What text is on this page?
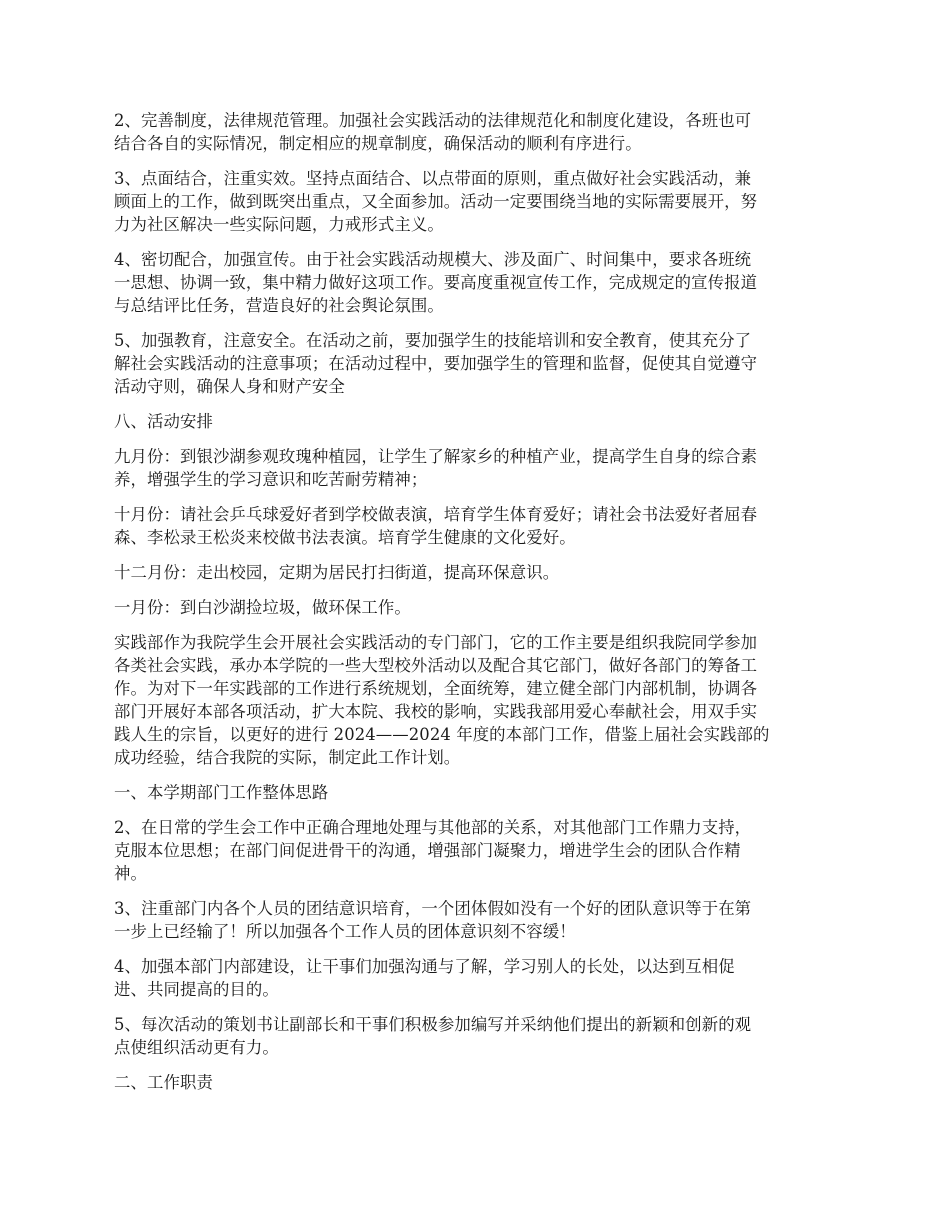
2、完善制度，法律规范管理。加强社会实践活动的法律规范化和制度化建设，各班也可
结合各自的实际情况，制定相应的规章制度，确保活动的顺利有序进行。
3、点面结合，注重实效。坚持点面结合、以点带面的原则，重点做好社会实践活动，兼
顾面上的工作，做到既突出重点，又全面参加。活动一定要围绕当地的实际需要展开，努
力为社区解决一些实际问题，力戒形式主义。
4、密切配合，加强宣传。由于社会实践活动规模大、涉及面广、时间集中，要求各班统
一思想、协调一致，集中精力做好这项工作。要高度重视宣传工作，完成规定的宣传报道
与总结评比任务，营造良好的社会舆论氛围。
5、加强教育，注意安全。在活动之前，要加强学生的技能培训和安全教育，使其充分了
解社会实践活动的注意事项；在活动过程中，要加强学生的管理和监督，促使其自觉遵守
活动守则，确保人身和财产安全
八、活动安排
九月份：到银沙湖参观玫瑰种植园，让学生了解家乡的种植产业，提高学生自身的综合素
养，增强学生的学习意识和吃苦耐劳精神；
十月份：请社会乒乓球爱好者到学校做表演，培育学生体育爱好；请社会书法爱好者屈春
森、李松录王松炎来校做书法表演。培育学生健康的文化爱好。
十二月份：走出校园，定期为居民打扫街道，提高环保意识。
一月份：到白沙湖捡垃圾，做环保工作。
实践部作为我院学生会开展社会实践活动的专门部门，它的工作主要是组织我院同学参加
各类社会实践，承办本学院的一些大型校外活动以及配合其它部门，做好各部门的筹备工
作。为对下一年实践部的工作进行系统规划，全面统筹，建立健全部门内部机制，协调各
部门开展好本部各项活动，扩大本院、我校的影响，实践我部用爱心奉献社会，用双手实
践人生的宗旨，以更好的进行 2024——2024 年度的本部门工作，借鉴上届社会实践部的
成功经验，结合我院的实际，制定此工作计划。
一、本学期部门工作整体思路
2、在日常的学生会工作中正确合理地处理与其他部的关系，对其他部门工作鼎力支持，
克服本位思想；在部门间促进骨干的沟通，增强部门凝聚力，增进学生会的团队合作精
神。
3、注重部门内各个人员的团结意识培育，一个团体假如没有一个好的团队意识等于在第
一步上已经输了！所以加强各个工作人员的团体意识刻不容缓！
4、加强本部门内部建设，让干事们加强沟通与了解，学习别人的长处，以达到互相促
进、共同提高的目的。
5、每次活动的策划书让副部长和干事们积极参加编写并采纳他们提出的新颖和创新的观
点使组织活动更有力。
二、工作职责
